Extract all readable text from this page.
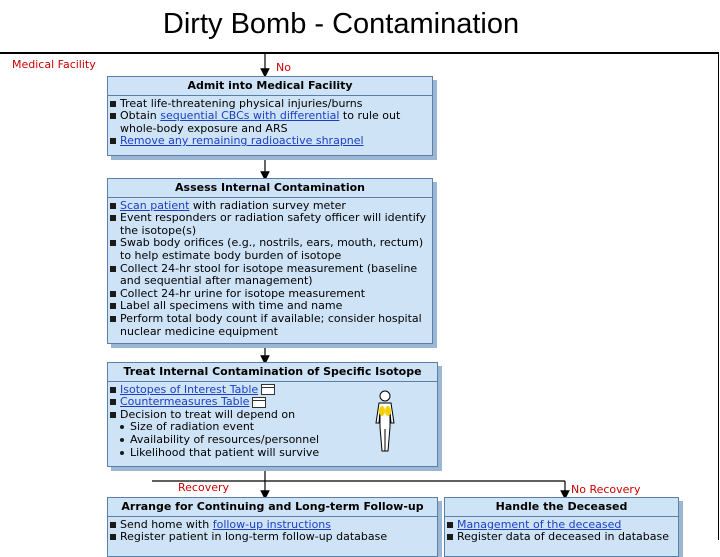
Dirty Bomb - Contamination
Medical Facility	No
Admit into Medical Facility
Treat life-threatening physical injuries/burns
Obtain sequential CBCs with differential to rule out whole-body exposure and ARS
Remove any remaining radioactive shrapnel
Assess Internal Contamination
Scan patient with radiation survey meter
Event responders or radiation safety officer will identify the isotope(s)
Swab body orifices (e.g., nostrils, ears, mouth, rectum) to help estimate body burden of isotope
Collect 24-hr stool for isotope measurement (baseline and sequential after management)
Collect 24-hr urine for isotope measurement
Label all specimens with time and name
Perform total body count if available; consider hospital nuclear medicine equipment
Treat Internal Contamination of Specific Isotope
Isotopes of Interest Table
Countermeasures Table
Decision to treat will depend on
Size of radiation event
Availability of resources/personnel
Likelihood that patient will survive
Recovery	No Recovery
Arrange for Continuing and Long-term Follow-up
Send home with follow-up instructions
Register patient in long-term follow-up database
Handle the Deceased
Management of the deceased
Register data of deceased in database
